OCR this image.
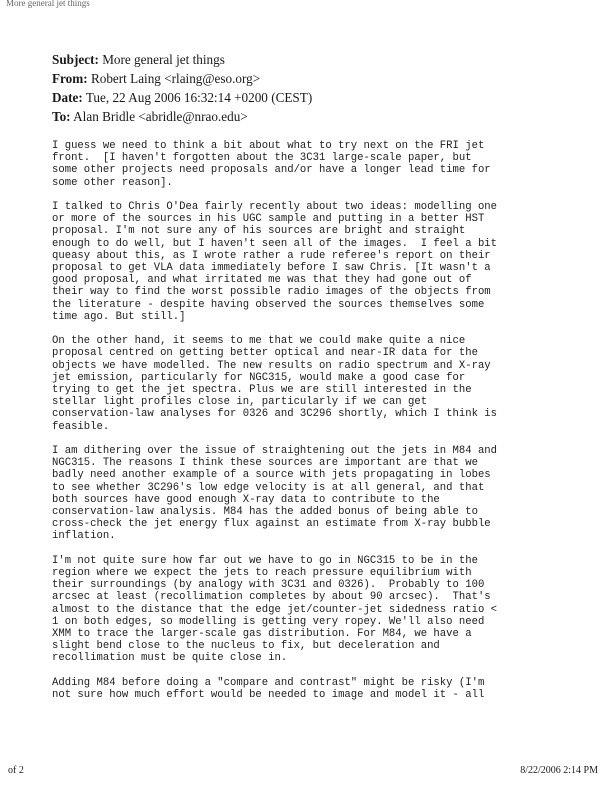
More general jet things
Subject: More general jet things
From: Robert Laing <rlaing@eso.org>
Date: Tue, 22 Aug 2006 16:32:14 +0200 (CEST)
To: Alan Bridle <abridle@nrao.edu>
I guess we need to think a bit about what to try next on the FRI jet
front.  [I haven't forgotten about the 3C31 large-scale paper, but
some other projects need proposals and/or have a longer lead time for
some other reason].
I talked to Chris O'Dea fairly recently about two ideas: modelling one
or more of the sources in his UGC sample and putting in a better HST
proposal. I'm not sure any of his sources are bright and straight
enough to do well, but I haven't seen all of the images.  I feel a bit
queasy about this, as I wrote rather a rude referee's report on their
proposal to get VLA data immediately before I saw Chris. [It wasn't a
good proposal, and what irritated me was that they had gone out of
their way to find the worst possible radio images of the objects from
the literature - despite having observed the sources themselves some
time ago. But still.]
On the other hand, it seems to me that we could make quite a nice
proposal centred on getting better optical and near-IR data for the
objects we have modelled. The new results on radio spectrum and X-ray
jet emission, particularly for NGC315, would make a good case for
trying to get the jet spectra. Plus we are still interested in the
stellar light profiles close in, particularly if we can get
conservation-law analyses for 0326 and 3C296 shortly, which I think is
feasible.
I am dithering over the issue of straightening out the jets in M84 and
NGC315. The reasons I think these sources are important are that we
badly need another example of a source with jets propagating in lobes
to see whether 3C296's low edge velocity is at all general, and that
both sources have good enough X-ray data to contribute to the
conservation-law analysis. M84 has the added bonus of being able to
cross-check the jet energy flux against an estimate from X-ray bubble
inflation.
I'm not quite sure how far out we have to go in NGC315 to be in the
region where we expect the jets to reach pressure equilibrium with
their surroundings (by analogy with 3C31 and 0326).  Probably to 100
arcsec at least (recollimation completes by about 90 arcsec).  That's
almost to the distance that the edge jet/counter-jet sidedness ratio <
1 on both edges, so modelling is getting very ropey. We'll also need
XMM to trace the larger-scale gas distribution. For M84, we have a
slight bend close to the nucleus to fix, but deceleration and
recollimation must be quite close in.
Adding M84 before doing a "compare and contrast" might be risky (I'm
not sure how much effort would be needed to image and model it - all
of 2	8/22/2006 2:14 PM
